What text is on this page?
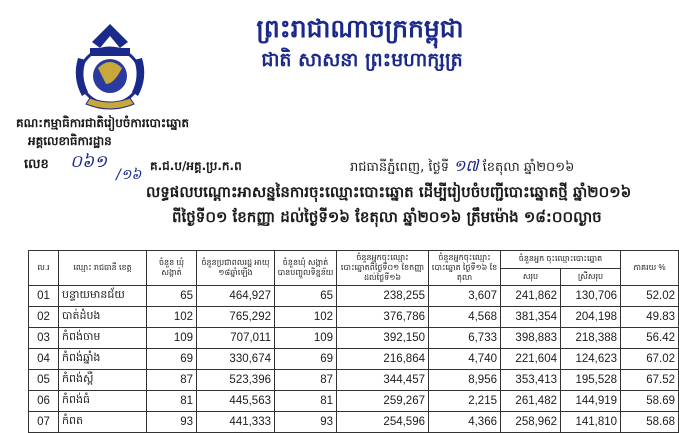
ព្រះរាជាណាចក្រកម្ពុជា
ជាតិ សាសនា ព្រះមហាក្សត្រ
គណ:កម្មាធិការជាតិរៀបចំការបោះឆ្នោត
អគ្គលេខាធិការដ្ឋាន
លេខ ០៦១
/១៦
គ.ជ.ប/អគ្គ.ប្រ.ក.ព	រាជធានីភ្នំពេញ, ថ្ងៃទី ១៧ ខែតុលា ឆ្នាំ២០១៦
លទ្ធផលបណ្ដោះអាសន្ននៃការចុះឈ្មោះបោះឆ្នោត ដើម្បីរៀបចំបញ្ជីបោះឆ្នោតថ្មី ឆ្នាំ២០១៦
ពីថ្ងៃទី០១ ខែកញ្ញា ដល់ថ្ងៃទី១៦ ខែតុលា ឆ្នាំ២០១៦ ត្រឹមម៉ោង ១៨:០០ល្ងាច
ល.រ	ឈ្មោះ រាជធានី ខេត្ត	ចំនួន ឃុំ សង្កាត់	ចំនួនប្រជាពលរដ្ឋ អាយុ ១៨ឆ្នាំឡើង	ចំនួនឃុំ សង្កាត់ បានបញ្ចូលទិន្នន័យ	ចំនួនអ្នកចុះឈ្មោះ បោះឆ្នោតពីថ្ងៃទី០១ ខែកញ្ញា ដល់ថ្ងៃទី១៦	ចំនួនអ្នកចុះឈ្មោះបោះឆ្នោត ថ្ងៃទី១៦ ខែតុលា	ចំនួនអ្នក ចុះឈ្មោះបោះឆ្នោត		ភាគរយ %
							សរុប	ស្រីសរុប	
01	បន្ទាយមានជ័យ	65	464,927	65	238,255	3,607	241,862	130,706	52.02
02	បាត់ដំបង	102	765,292	102	376,786	4,568	381,354	204,198	49.83
03	កំពង់ចាម	109	707,011	109	392,150	6,733	398,883	218,388	56.42
04	កំពង់ឆ្នាំង	69	330,674	69	216,864	4,740	221,604	124,623	67.02
05	កំពង់ស្ពឺ	87	523,396	87	344,457	8,956	353,413	195,528	67.52
06	កំពង់ធំ	81	445,563	81	259,267	2,215	261,482	144,919	58.69
07	កំពត	93	441,333	93	254,596	4,366	258,962	141,810	58.68
